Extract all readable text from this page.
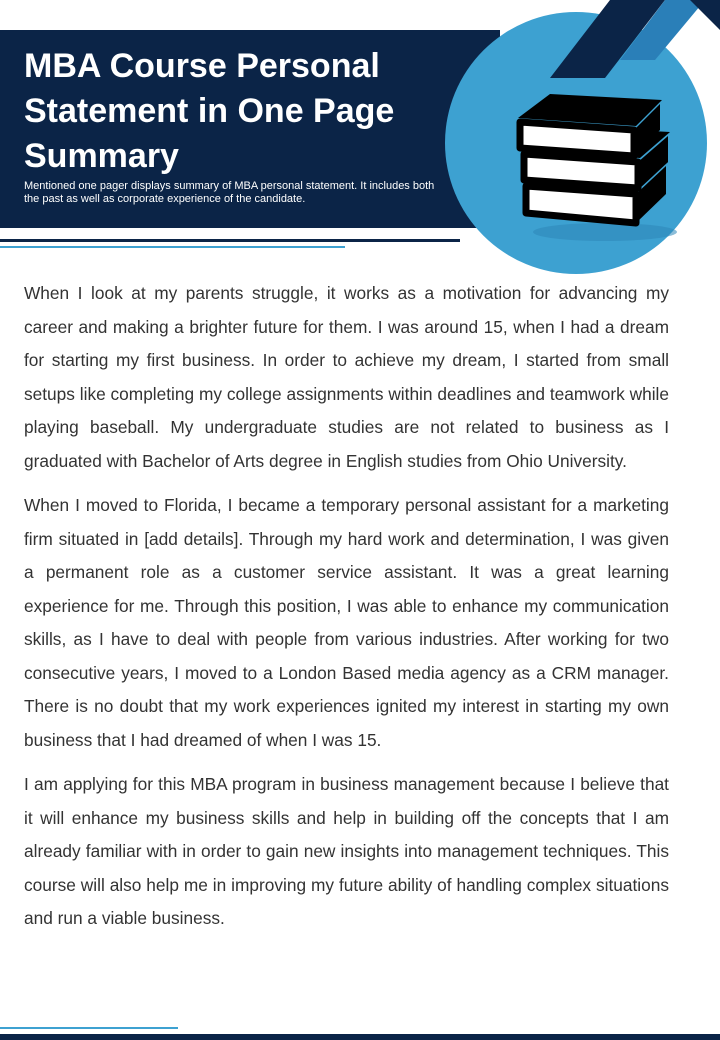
MBA Course Personal Statement in One Page Summary
Mentioned one pager displays summary of MBA personal statement. It includes both the past as well as corporate experience of the candidate.

When I look at my parents struggle, it works as a motivation for advancing my career and making a brighter future for them. I was around 15, when I had a dream for starting my first business. In order to achieve my dream, I started from small setups like completing my college assignments within deadlines and teamwork while playing baseball. My undergraduate studies are not related to business as I graduated with Bachelor of Arts degree in English studies from Ohio University.

When I moved to Florida, I became a temporary personal assistant for a marketing firm situated in [add details]. Through my hard work and determination, I was given a permanent role as a customer service assistant. It was a great learning experience for me. Through this position, I was able to enhance my communication skills, as I have to deal with people from various industries. After working for two consecutive years, I moved to a London Based media agency as a CRM manager. There is no doubt that my work experiences ignited my interest in starting my own business that I had dreamed of when I was 15.

I am applying for this MBA program in business management because I believe that it will enhance my business skills and help in building off the concepts that I am already familiar with in order to gain new insights into management techniques. This course will also help me in improving my future ability of handling complex situations and run a viable business.
